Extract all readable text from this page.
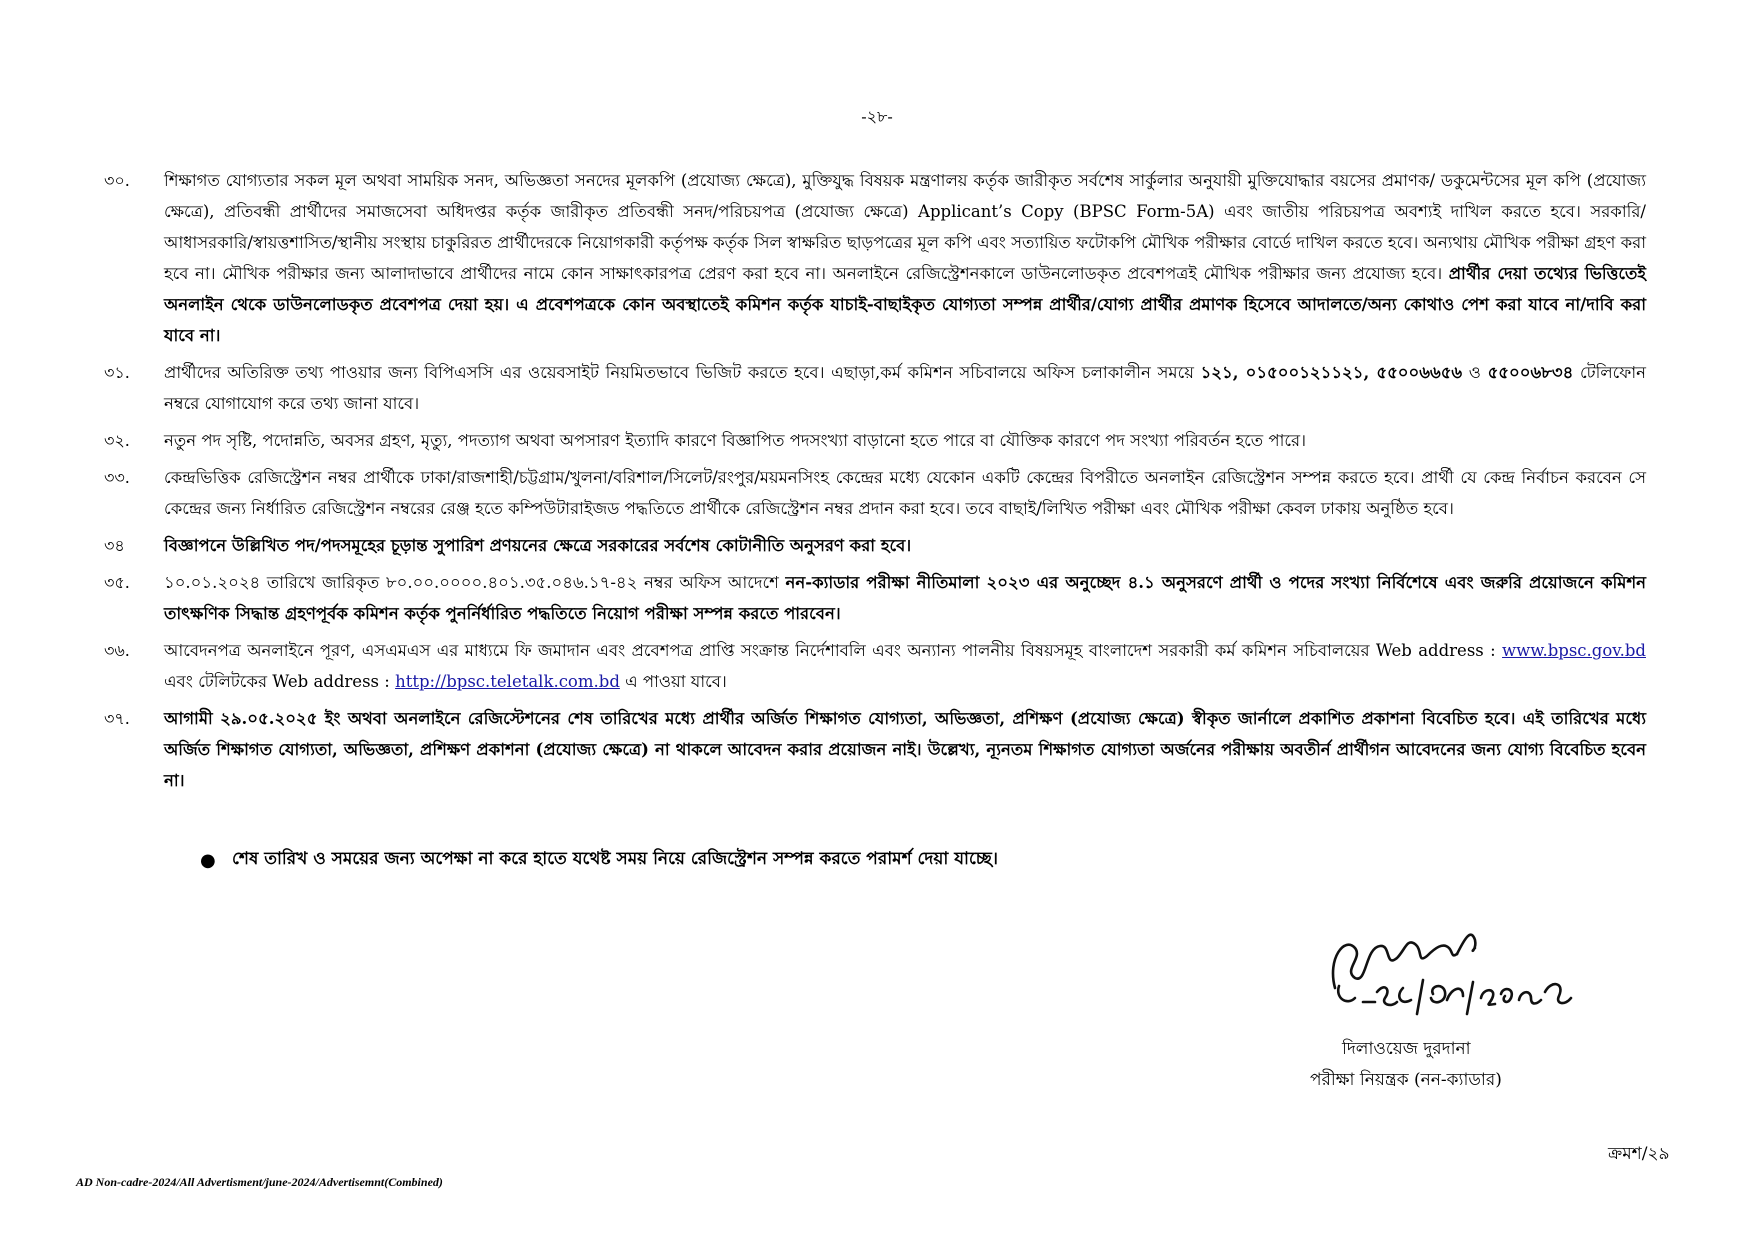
-২৮-
৩০.	শিক্ষাগত যোগ্যতার সকল মূল অথবা সাময়িক সনদ, অভিজ্ঞতা সনদের মূলকপি (প্রযোজ্য ক্ষেত্রে), মুক্তিযুদ্ধ বিষয়ক মন্ত্রণালয় কর্তৃক জারীকৃত সর্বশেষ সার্কুলার অনুযায়ী মুক্তিযোদ্ধার বয়সের প্রমাণক/ ডকুমেন্টসের মূল কপি (প্রযোজ্য ক্ষেত্রে), প্রতিবন্ধী প্রার্থীদের সমাজসেবা অধিদপ্তর কর্তৃক জারীকৃত প্রতিবন্ধী সনদ/পরিচয়পত্র (প্রযোজ্য ক্ষেত্রে) Applicant’s Copy (BPSC Form-5A) এবং জাতীয় পরিচয়পত্র অবশ্যই দাখিল করতে হবে। সরকারি/ আধাসরকারি/স্বায়ত্তশাসিত/স্থানীয় সংস্থায় চাকুরিরত প্রার্থীদেরকে নিয়োগকারী কর্তৃপক্ষ কর্তৃক সিল স্বাক্ষরিত ছাড়পত্রের মূল কপি এবং সত্যায়িত ফটোকপি মৌখিক পরীক্ষার বোর্ডে দাখিল করতে হবে। অন্যথায় মৌখিক পরীক্ষা গ্রহণ করা হবে না। মৌখিক পরীক্ষার জন্য আলাদাভাবে প্রার্থীদের নামে কোন সাক্ষাৎকারপত্র প্রেরণ করা হবে না। অনলাইনে রেজিস্ট্রেশনকালে ডাউনলোডকৃত প্রবেশপত্রই মৌখিক পরীক্ষার জন্য প্রযোজ্য হবে। প্রার্থীর দেয়া তথ্যের ভিত্তিতেই অনলাইন থেকে ডাউনলোডকৃত প্রবেশপত্র দেয়া হয়। এ প্রবেশপত্রকে কোন অবস্থাতেই কমিশন কর্তৃক যাচাই-বাছাইকৃত যোগ্যতা সম্পন্ন প্রার্থীর/যোগ্য প্রার্থীর প্রমাণক হিসেবে আদালতে/অন্য কোথাও পেশ করা যাবে না/দাবি করা যাবে না।
৩১.	প্রার্থীদের অতিরিক্ত তথ্য পাওয়ার জন্য বিপিএসসি এর ওয়েবসাইট নিয়মিতভাবে ভিজিট করতে হবে। এছাড়া,কর্ম কমিশন সচিবালয়ে অফিস চলাকালীন সময়ে ১২১, ০১৫০০১২১১২১, ৫৫০০৬৬৫৬ ও ৫৫০০৬৮৩৪ টেলিফোন নম্বরে যোগাযোগ করে তথ্য জানা যাবে।
৩২.	নতুন পদ সৃষ্টি, পদোন্নতি, অবসর গ্রহণ, মৃত্যু, পদত্যাগ অথবা অপসারণ ইত্যাদি কারণে বিজ্ঞাপিত পদসংখ্যা বাড়ানো হতে পারে বা যৌক্তিক কারণে পদ সংখ্যা পরিবর্তন হতে পারে।
৩৩.	কেন্দ্রভিত্তিক রেজিস্ট্রেশন নম্বর প্রার্থীকে ঢাকা/রাজশাহী/চট্টগ্রাম/খুলনা/বরিশাল/সিলেট/রংপুর/ময়মনসিংহ কেন্দ্রের মধ্যে যেকোন একটি কেন্দ্রের বিপরীতে অনলাইন রেজিস্ট্রেশন সম্পন্ন করতে হবে। প্রার্থী যে কেন্দ্র নির্বাচন করবেন সে কেন্দ্রের জন্য নির্ধারিত রেজিস্ট্রেশন নম্বরের রেঞ্জ হতে কম্পিউটারাইজড পদ্ধতিতে প্রার্থীকে রেজিস্ট্রেশন নম্বর প্রদান করা হবে। তবে বাছাই/লিখিত পরীক্ষা এবং মৌখিক পরীক্ষা কেবল ঢাকায় অনুষ্ঠিত হবে।
৩৪	বিজ্ঞাপনে উল্লিখিত পদ/পদসমূহের চূড়ান্ত সুপারিশ প্রণয়নের ক্ষেত্রে সরকারের সর্বশেষ কোটানীতি অনুসরণ করা হবে।
৩৫.	১০.০১.২০২৪ তারিখে জারিকৃত ৮০.০০.০০০০.৪০১.৩৫.০৪৬.১৭-৪২ নম্বর অফিস আদেশে নন-ক্যাডার পরীক্ষা নীতিমালা ২০২৩ এর অনুচ্ছেদ ৪.১ অনুসরণে প্রার্থী ও পদের সংখ্যা নির্বিশেষে এবং জরুরি প্রয়োজনে কমিশন তাৎক্ষণিক সিদ্ধান্ত গ্রহণপূর্বক কমিশন কর্তৃক পুনর্নির্ধারিত পদ্ধতিতে নিয়োগ পরীক্ষা সম্পন্ন করতে পারবেন।
৩৬.	আবেদনপত্র অনলাইনে পূরণ, এসএমএস এর মাধ্যমে ফি জমাদান এবং প্রবেশপত্র প্রাপ্তি সংক্রান্ত নির্দেশাবলি এবং অন্যান্য পালনীয় বিষয়সমূহ বাংলাদেশ সরকারী কর্ম কমিশন সচিবালয়ের Web address : www.bpsc.gov.bd এবং টেলিটকের Web address : http://bpsc.teletalk.com.bd এ পাওয়া যাবে।
৩৭.	আগামী ২৯.০৫.২০২৫ ইং অথবা অনলাইনে রেজিস্টেশনের শেষ তারিখের মধ্যে প্রার্থীর অর্জিত শিক্ষাগত যোগ্যতা, অভিজ্ঞতা, প্রশিক্ষণ (প্রযোজ্য ক্ষেত্রে) স্বীকৃত জার্নালে প্রকাশিত প্রকাশনা বিবেচিত হবে। এই তারিখের মধ্যে অর্জিত শিক্ষাগত যোগ্যতা, অভিজ্ঞতা, প্রশিক্ষণ প্রকাশনা (প্রযোজ্য ক্ষেত্রে) না থাকলে আবেদন করার প্রয়োজন নাই। উল্লেখ্য, ন্যূনতম শিক্ষাগত যোগ্যতা অর্জনের পরীক্ষায় অবতীর্ন প্রার্থীগন আবেদনের জন্য যোগ্য বিবেচিত হবেন না।
● শেষ তারিখ ও সময়ের জন্য অপেক্ষা না করে হাতে যথেষ্ট সময় নিয়ে রেজিস্ট্রেশন সম্পন্ন করতে পরামর্শ দেয়া যাচ্ছে।
দিলাওয়েজ দুরদানা
পরীক্ষা নিয়ন্ত্রক (নন-ক্যাডার)
ক্রমশ/২৯
AD Non-cadre-2024/All Advertisment/june-2024/Advertisemnt(Combined)
